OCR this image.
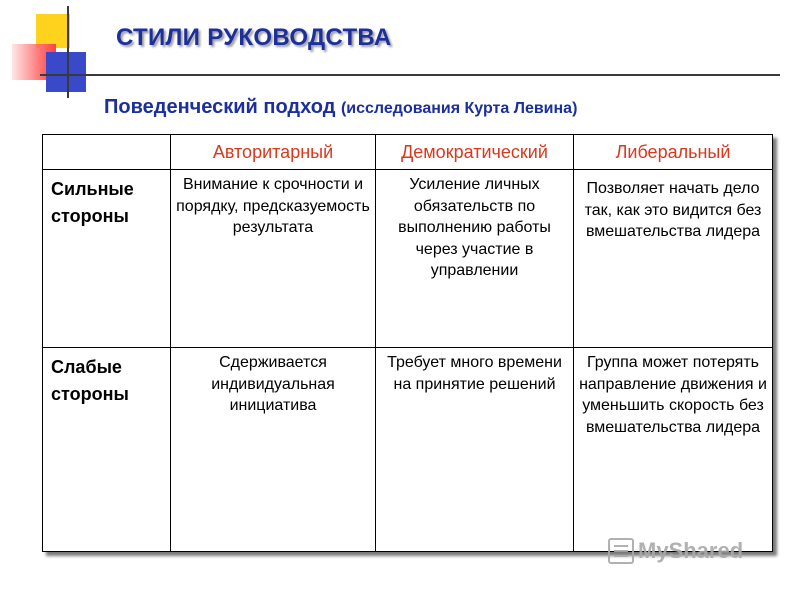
СТИЛИ РУКОВОДСТВА
Поведенческий подход (исследования Курта Левина)
	Авторитарный	Демократический	Либеральный
Сильные стороны	Внимание к срочности и порядку, предсказуемость результата	Усиление личных обязательств по выполнению работы через участие в управлении	Позволяет начать дело так, как это видится без вмешательства лидера
Слабые стороны	Сдерживается индивидуальная инициатива	Требует много времени на принятие решений	Группа может потерять направление движения и уменьшить скорость без вмешательства лидера
MyShared
